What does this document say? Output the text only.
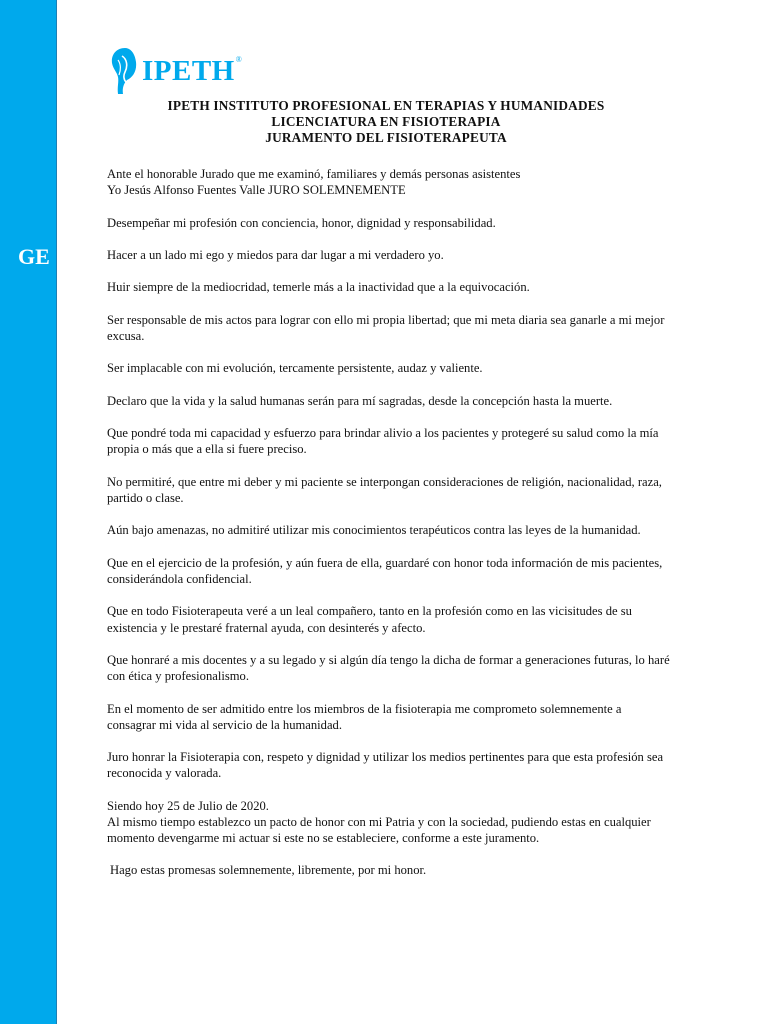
GE
IPETH ®
IPETH INSTITUTO PROFESIONAL EN TERAPIAS Y HUMANIDADES
LICENCIATURA EN FISIOTERAPIA
JURAMENTO DEL FISIOTERAPEUTA

Ante el honorable Jurado que me examinó, familiares y demás personas asistentes

Yo Jesús Alfonso Fuentes Valle JURO SOLEMNEMENTE

Desempeñar mi profesión con conciencia, honor, dignidad y responsabilidad.

Hacer a un lado mi ego y miedos para dar lugar a mi verdadero yo.

Huir siempre de la mediocridad, temerle más a la inactividad que a la equivocación.

Ser responsable de mis actos para lograr con ello mi propia libertad; que mi meta diaria sea ganarle a mi mejor excusa.

Ser implacable con mi evolución, tercamente persistente, audaz y valiente.

Declaro que la vida y la salud humanas serán para mí sagradas, desde la concepción hasta la muerte.

Que pondré toda mi capacidad y esfuerzo para brindar alivio a los pacientes y protegeré su salud como la mía propia o más que a ella si fuere preciso.

No permitiré, que entre mi deber y mi paciente se interpongan consideraciones de religión, nacionalidad, raza, partido o clase.

Aún bajo amenazas, no admitiré utilizar mis conocimientos terapéuticos contra las leyes de la humanidad.

Que en el ejercicio de la profesión, y aún fuera de ella, guardaré con honor toda información de mis pacientes, considerándola confidencial.

Que en todo Fisioterapeuta veré a un leal compañero, tanto en la profesión como en las vicisitudes de su existencia y le prestaré fraternal ayuda, con desinterés y afecto.

Que honraré a mis docentes y a su legado y si algún día tengo la dicha de formar a generaciones futuras, lo haré con ética y profesionalismo.

En el momento de ser admitido entre los miembros de la fisioterapia me comprometo solemnemente a consagrar mi vida al servicio de la humanidad.

Juro honrar la Fisioterapia con, respeto y dignidad y utilizar los medios pertinentes para que esta profesión sea reconocida y valorada.

Siendo hoy 25 de Julio de 2020.

Al mismo tiempo establezco un pacto de honor con mi Patria y con la sociedad, pudiendo estas en cualquier momento devengarme mi actuar si este no se estableciere, conforme a este juramento.

Hago estas promesas solemnemente, libremente, por mi honor.
